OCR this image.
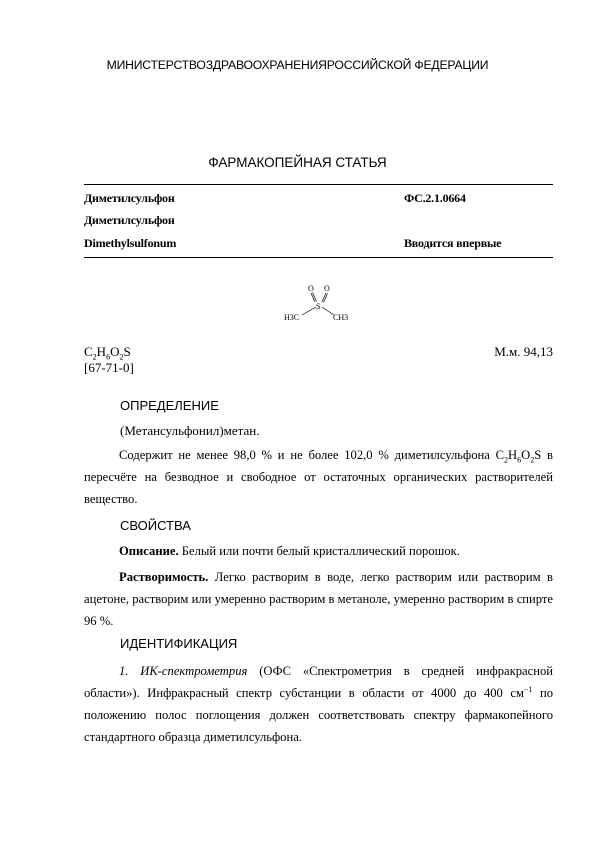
МИНИСТЕРСТВОЗДРАВООХРАНЕНИЯРОССИЙСКОЙ ФЕДЕРАЦИИ
ФАРМАКОПЕЙНАЯ СТАТЬЯ
Диметилсульфон	ФС.2.1.0664
Диметилсульфон
Dimethylsulfonum	Вводится впервые
O O
S
H3C	CH3
$C_2H_6O_2S$	М.м. 94,13
[67-71-0]
ОПРЕДЕЛЕНИЕ
(Метансульфонил)метан.
Содержит не менее 98,0 % и не более 102,0 % диметилсульфона $C_2H_6O_2S$ в пересчёте на безводное и свободное от остаточных органических растворителей вещество.
СВОЙСТВА
Описание. Белый или почти белый кристаллический порошок.
Растворимость. Легко растворим в воде, легко растворим или растворим в ацетоне, растворим или умеренно растворим в метаноле, умеренно растворим в спирте 96 %.
ИДЕНТИФИКАЦИЯ
1. ИК-спектрометрия (ОФС «Спектрометрия в средней инфракрасной области»). Инфракрасный спектр субстанции в области от 4000 до 400 $см^{-1}$ по положению полос поглощения должен соответствовать спектру фармакопейного стандартного образца диметилсульфона.
